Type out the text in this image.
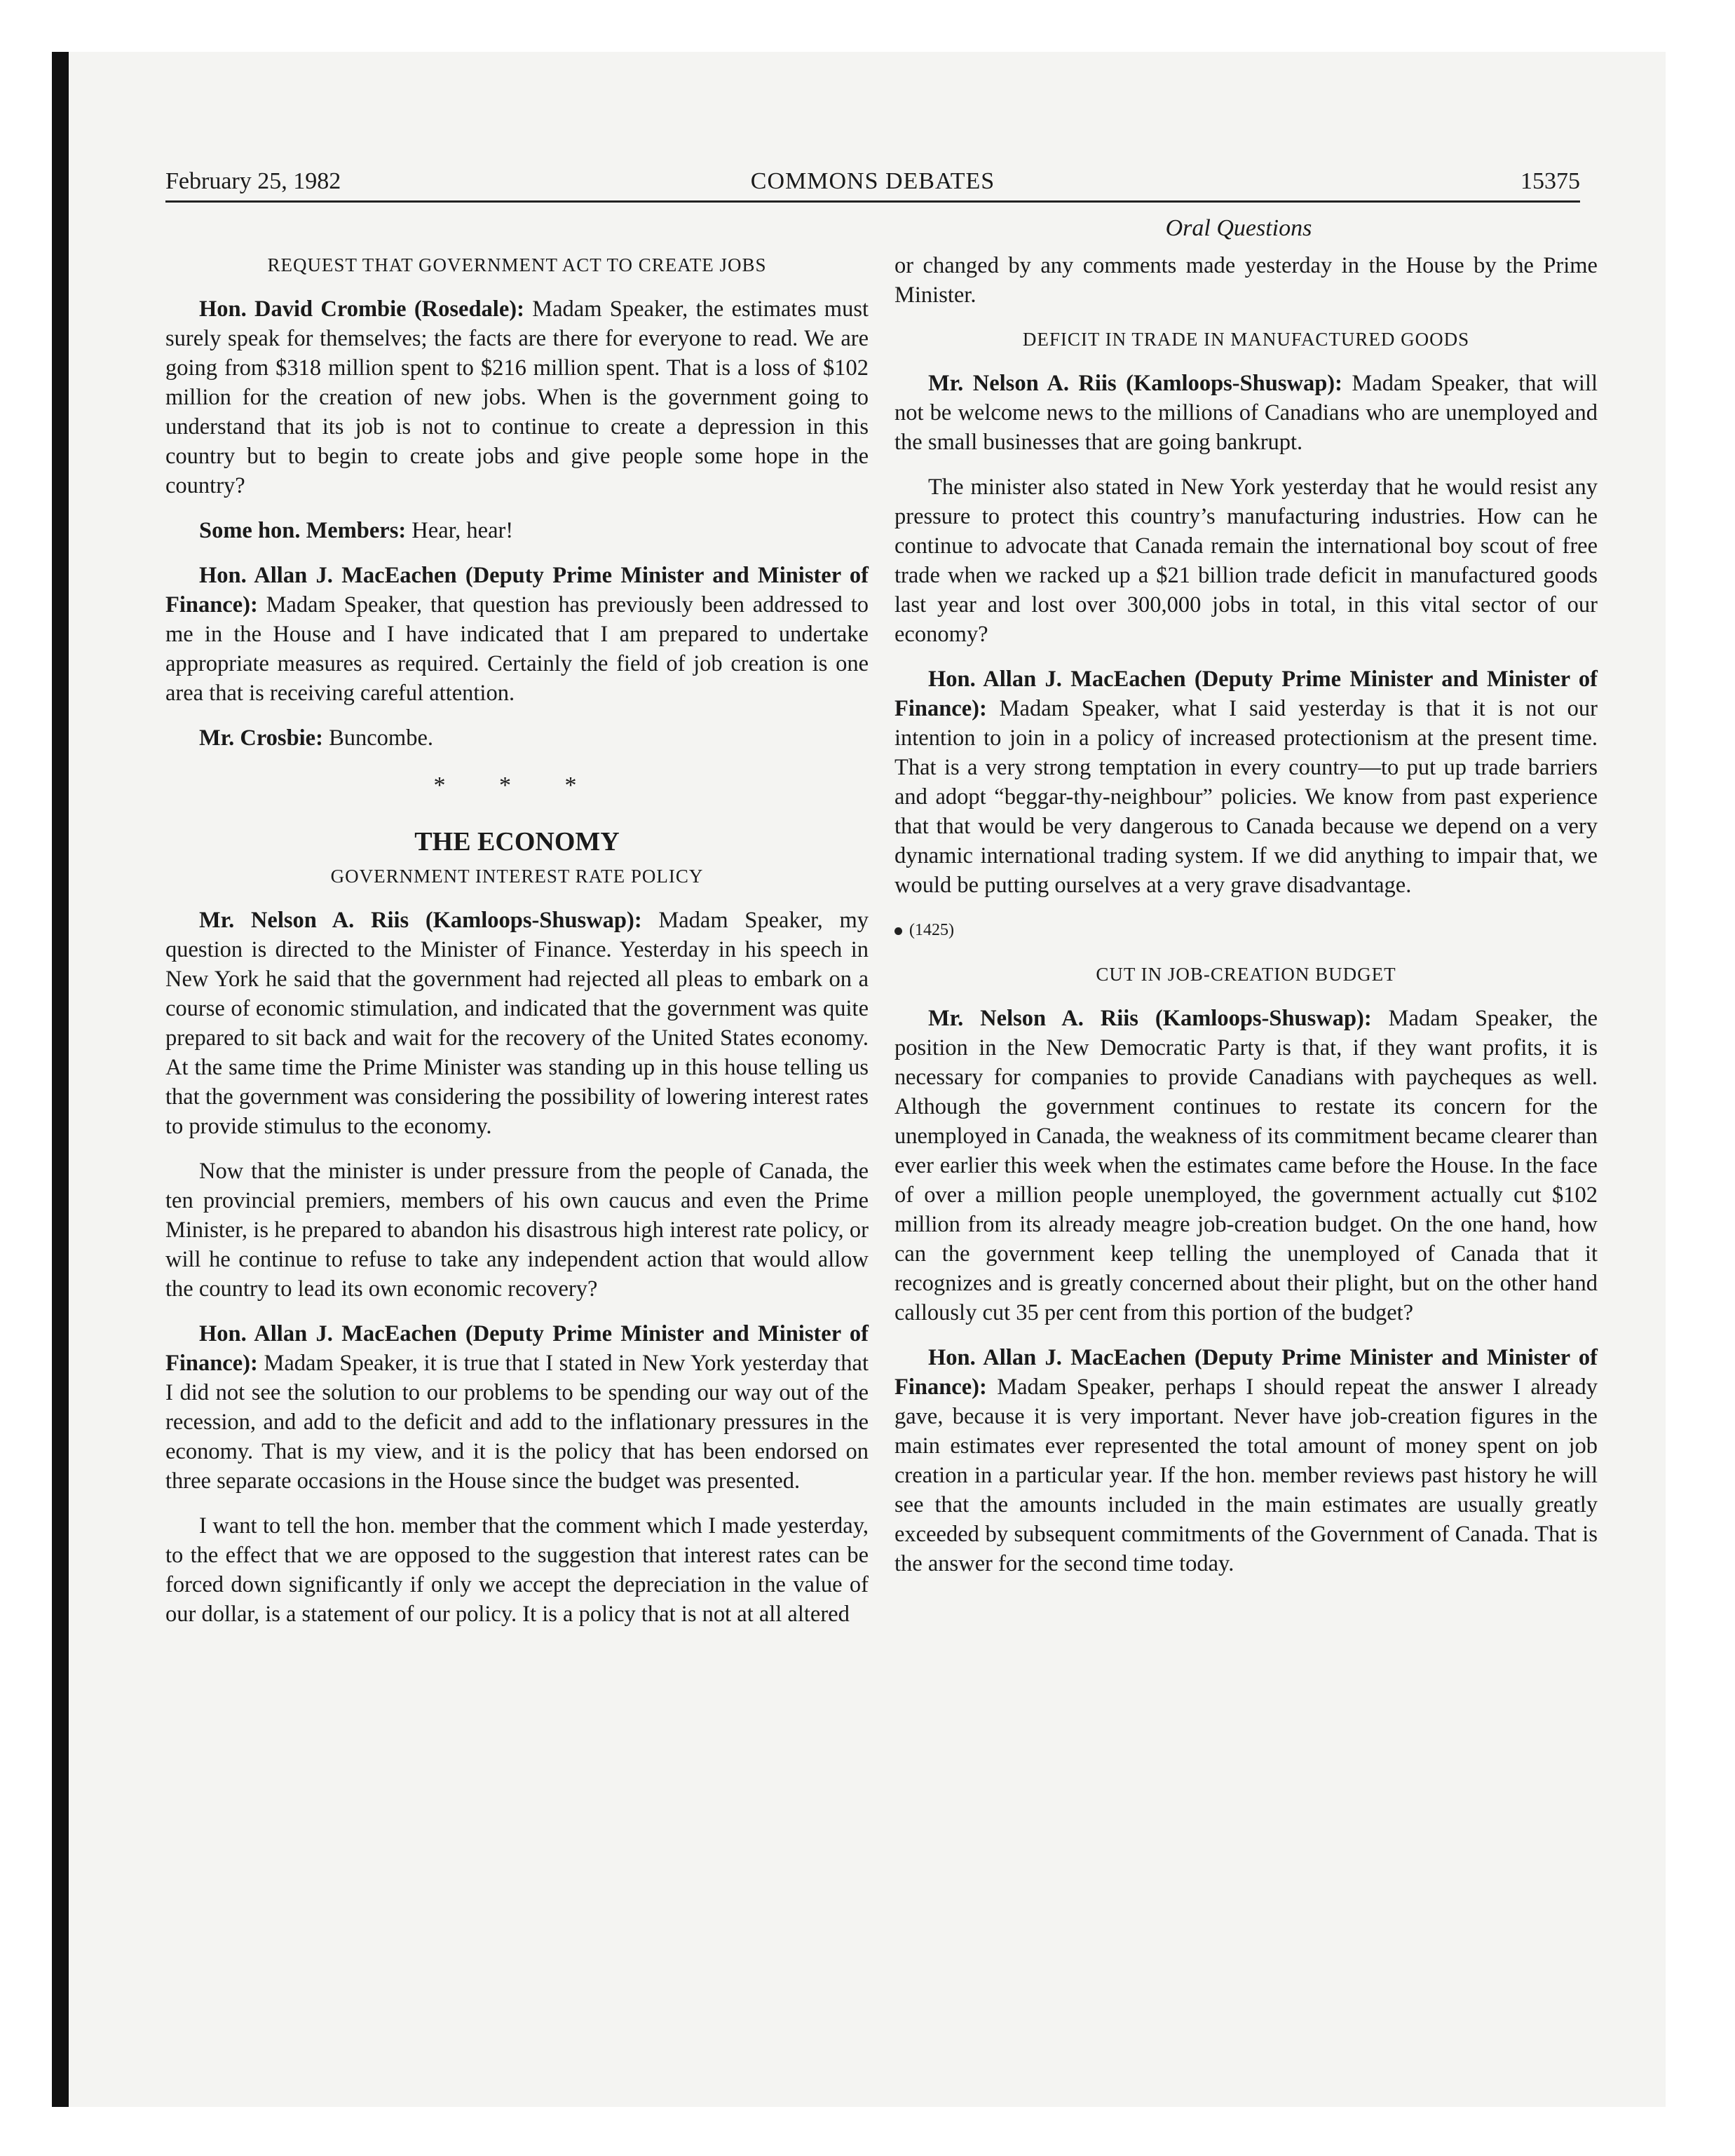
February 25, 1982	COMMONS DEBATES	15375
Oral Questions
REQUEST THAT GOVERNMENT ACT TO CREATE JOBS

Hon. David Crombie (Rosedale): Madam Speaker, the estimates must surely speak for themselves; the facts are there for everyone to read. We are going from $318 million spent to $216 million spent. That is a loss of $102 million for the creation of new jobs. When is the government going to understand that its job is not to continue to create a depression in this country but to begin to create jobs and give people some hope in the country?

Some hon. Members: Hear, hear!

Hon. Allan J. MacEachen (Deputy Prime Minister and Minister of Finance): Madam Speaker, that question has previously been addressed to me in the House and I have indicated that I am prepared to undertake appropriate measures as required. Certainly the field of job creation is one area that is receiving careful attention.

Mr. Crosbie: Buncombe.

* * *
THE ECONOMY
GOVERNMENT INTEREST RATE POLICY

Mr. Nelson A. Riis (Kamloops-Shuswap): Madam Speaker, my question is directed to the Minister of Finance. Yesterday in his speech in New York he said that the government had rejected all pleas to embark on a course of economic stimulation, and indicated that the government was quite prepared to sit back and wait for the recovery of the United States economy. At the same time the Prime Minister was standing up in this house telling us that the government was considering the possibility of lowering interest rates to provide stimulus to the economy.

Now that the minister is under pressure from the people of Canada, the ten provincial premiers, members of his own caucus and even the Prime Minister, is he prepared to abandon his disastrous high interest rate policy, or will he continue to refuse to take any independent action that would allow the country to lead its own economic recovery?

Hon. Allan J. MacEachen (Deputy Prime Minister and Minister of Finance): Madam Speaker, it is true that I stated in New York yesterday that I did not see the solution to our problems to be spending our way out of the recession, and add to the deficit and add to the inflationary pressures in the economy. That is my view, and it is the policy that has been endorsed on three separate occasions in the House since the budget was presented.

I want to tell the hon. member that the comment which I made yesterday, to the effect that we are opposed to the suggestion that interest rates can be forced down significantly if only we accept the depreciation in the value of our dollar, is a statement of our policy. It is a policy that is not at all altered

or changed by any comments made yesterday in the House by the Prime Minister.

DEFICIT IN TRADE IN MANUFACTURED GOODS

Mr. Nelson A. Riis (Kamloops-Shuswap): Madam Speaker, that will not be welcome news to the millions of Canadians who are unemployed and the small businesses that are going bankrupt.

The minister also stated in New York yesterday that he would resist any pressure to protect this country’s manufacturing industries. How can he continue to advocate that Canada remain the international boy scout of free trade when we racked up a $21 billion trade deficit in manufactured goods last year and lost over 300,000 jobs in total, in this vital sector of our economy?

Hon. Allan J. MacEachen (Deputy Prime Minister and Minister of Finance): Madam Speaker, what I said yesterday is that it is not our intention to join in a policy of increased protectionism at the present time. That is a very strong temptation in every country—to put up trade barriers and adopt “beggar-thy-neighbour” policies. We know from past experience that that would be very dangerous to Canada because we depend on a very dynamic international trading system. If we did anything to impair that, we would be putting ourselves at a very grave disadvantage.

(1425)
CUT IN JOB-CREATION BUDGET

Mr. Nelson A. Riis (Kamloops-Shuswap): Madam Speaker, the position in the New Democratic Party is that, if they want profits, it is necessary for companies to provide Canadians with paycheques as well. Although the government continues to restate its concern for the unemployed in Canada, the weakness of its commitment became clearer than ever earlier this week when the estimates came before the House. In the face of over a million people unemployed, the government actually cut $102 million from its already meagre job-creation budget. On the one hand, how can the government keep telling the unemployed of Canada that it recognizes and is greatly concerned about their plight, but on the other hand callously cut 35 per cent from this portion of the budget?

Hon. Allan J. MacEachen (Deputy Prime Minister and Minister of Finance): Madam Speaker, perhaps I should repeat the answer I already gave, because it is very important. Never have job-creation figures in the main estimates ever represented the total amount of money spent on job creation in a particular year. If the hon. member reviews past history he will see that the amounts included in the main estimates are usually greatly exceeded by subsequent commitments of the Government of Canada. That is the answer for the second time today.
